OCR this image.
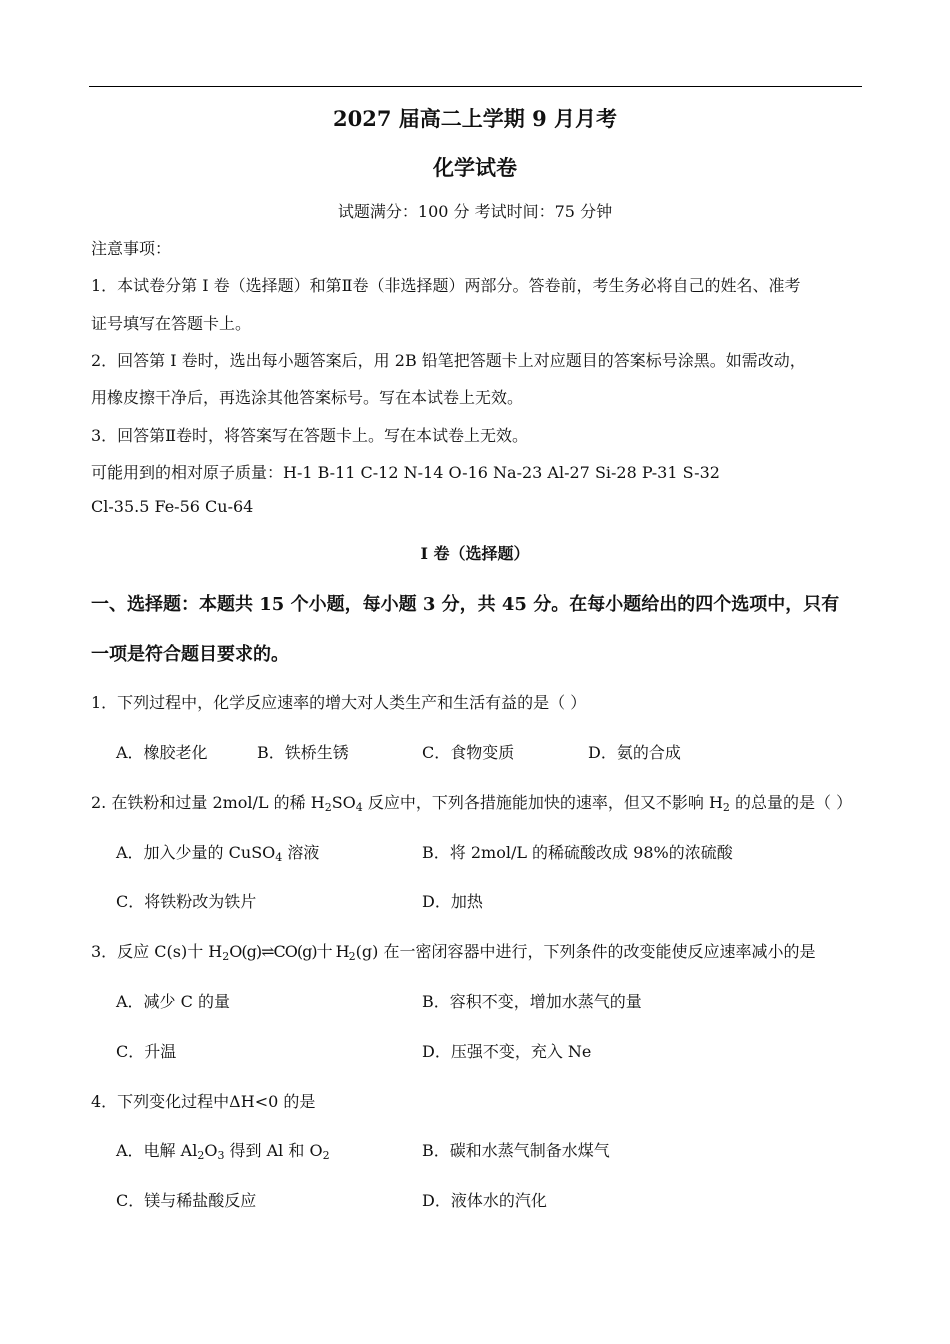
2027 届高二上学期 9 月月考
化学试卷
试题满分：100 分 考试时间：75 分钟
注意事项：
1．本试卷分第 I 卷（选择题）和第Ⅱ卷（非选择题）两部分。答卷前，考生务必将自己的姓名、准考
证号填写在答题卡上。
2．回答第 I 卷时，选出每小题答案后，用 2B 铅笔把答题卡上对应题目的答案标号涂黑。如需改动，
用橡皮擦干净后，再选涂其他答案标号。写在本试卷上无效。
3．回答第Ⅱ卷时，将答案写在答题卡上。写在本试卷上无效。
可能用到的相对原子质量：H-1 B-11 C-12 N-14 O-16 Na-23 Al-27 Si-28 P-31 S-32
Cl-35.5 Fe-56 Cu-64
I 卷（选择题）
一、选择题：本题共 15 个小题，每小题 3 分，共 45 分。在每小题给出的四个选项中，只有
一项是符合题目要求的。
1．下列过程中，化学反应速率的增大对人类生产和生活有益的是（ ）
A．橡胶老化	B．铁桥生锈	C．食物变质	D．氨的合成
2. 在铁粉和过量 2mol/L 的稀 $H_2SO_4$ 反应中，下列各措施能加快的速率，但又不影响 $H_2$ 的总量的是（ ）
A．加入少量的 CuSO$_4$ 溶液	B．将 2mol/L 的稀硫酸改成 98%的浓硫酸
C．将铁粉改为铁片	D．加热
3．反应 C(s)十 $H_2O(g)\rightleftharpoons CO(g)$十 $H_2(g)$ 在一密闭容器中进行，下列条件的改变能使反应速率减小的是
A．减少 C 的量	B．容积不变，增加水蒸气的量
C．升温	D．压强不变，充入 Ne
4．下列变化过程中ΔH<0 的是
A．电解 $Al_2O_3$ 得到 Al 和 $O_2$	B．碳和水蒸气制备水煤气
C．镁与稀盐酸反应	D．液体水的汽化
